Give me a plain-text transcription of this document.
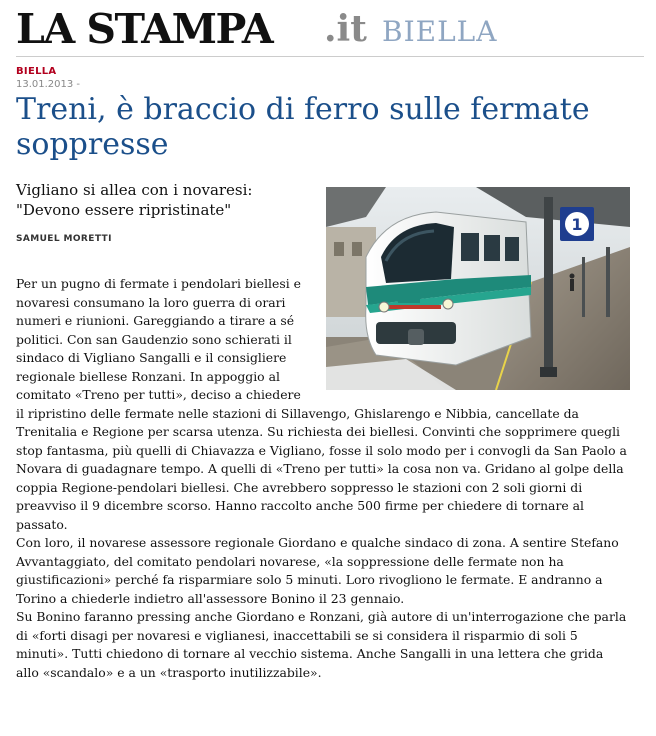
LA STAMPA .it BIELLA
BIELLA
13.01.2013 -
Treni, è braccio di ferro sulle fermate soppresse
Vigliano si allea con i novaresi:
"Devono essere ripristinate"
SAMUEL MORETTI
1

Per un pugno di fermate i pendolari biellesi e novaresi consumano la loro guerra di orari numeri e riunioni. Gareggiando a tirare a sé politici. Con san Gaudenzio sono schierati il sindaco di Vigliano Sangalli e il consigliere regionale biellese Ronzani. In appoggio al comitato «Treno per tutti», deciso a chiedere il ripristino delle fermate nelle stazioni di Sillavengo, Ghislarengo e Nibbia, cancellate da Trenitalia e Regione per scarsa utenza. Su richiesta dei biellesi. Convinti che sopprimere quegli stop fantasma, più quelli di Chiavazza e Vigliano, fosse il solo modo per i convogli da San Paolo a Novara di guadagnare tempo. A quelli di «Treno per tutti» la cosa non va. Gridano al golpe della coppia Regione-pendolari biellesi. Che avrebbero soppresso le stazioni con 2 soli giorni di preavviso il 9 dicembre scorso. Hanno raccolto anche 500 firme per chiedere di tornare al passato.

Con loro, il novarese assessore regionale Giordano e qualche sindaco di zona. A sentire Stefano Avvantaggiato, del comitato pendolari novarese, «la soppressione delle fermate non ha giustificazioni» perché fa risparmiare solo 5 minuti. Loro rivogliono le fermate. E andranno a Torino a chiederle indietro all'assessore Bonino il 23 gennaio.

Su Bonino faranno pressing anche Giordano e Ronzani, già autore di un'interrogazione che parla di «forti disagi per novaresi e viglianesi, inaccettabili se si considera il risparmio di soli 5 minuti». Tutti chiedono di tornare al vecchio sistema. Anche Sangalli in una lettera che grida allo «scandalo» e a un «trasporto inutilizzabile».
